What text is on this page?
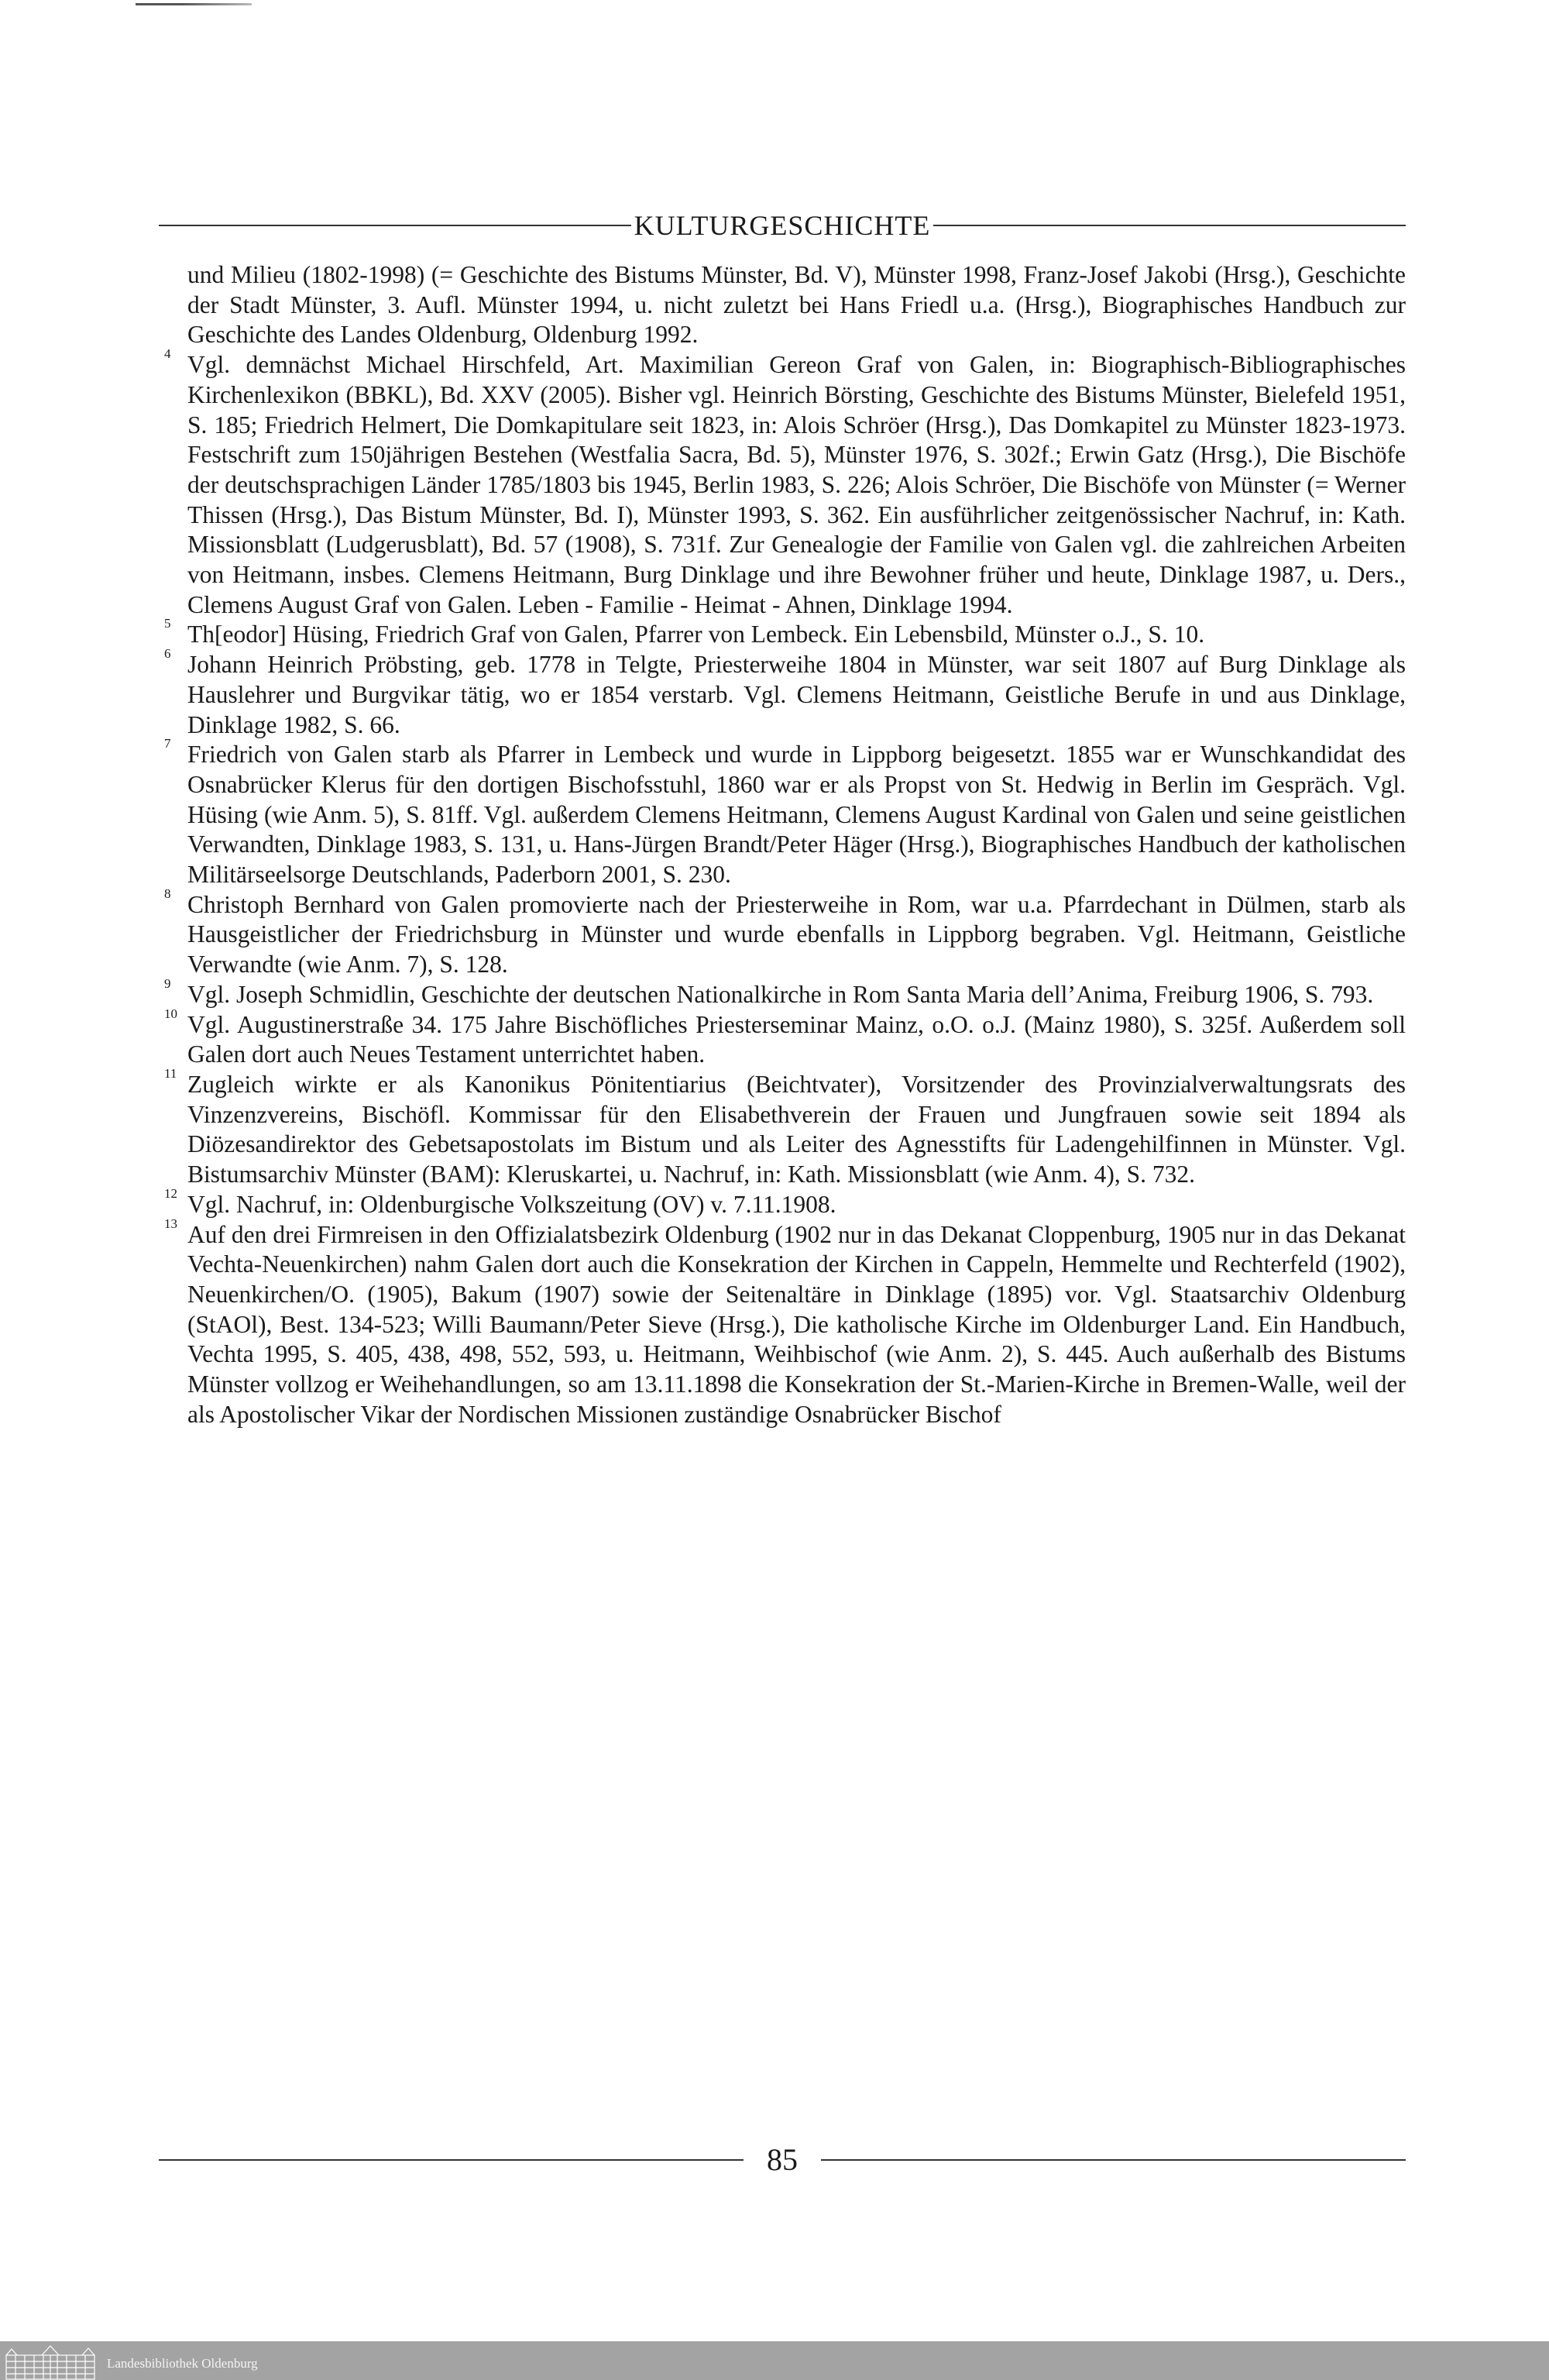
KULTURGESCHICHTE
und Milieu (1802-1998) (= Geschichte des Bistums Münster, Bd. V), Münster 1998, Franz-Josef Jakobi (Hrsg.), Geschichte der Stadt Münster, 3. Aufl. Münster 1994, u. nicht zuletzt bei Hans Friedl u.a. (Hrsg.), Biographisches Handbuch zur Geschichte des Landes Oldenburg, Oldenburg 1992.
4 Vgl. demnächst Michael Hirschfeld, Art. Maximilian Gereon Graf von Galen, in: Biographisch-Bibliographisches Kirchenlexikon (BBKL), Bd. XXV (2005). Bisher vgl. Heinrich Börsting, Geschichte des Bistums Münster, Bielefeld 1951, S. 185; Friedrich Helmert, Die Domkapitulare seit 1823, in: Alois Schröer (Hrsg.), Das Domkapitel zu Münster 1823-1973. Festschrift zum 150jährigen Bestehen (Westfalia Sacra, Bd. 5), Münster 1976, S. 302f.; Erwin Gatz (Hrsg.), Die Bischöfe der deutschsprachigen Länder 1785/1803 bis 1945, Berlin 1983, S. 226; Alois Schröer, Die Bischöfe von Münster (= Werner Thissen (Hrsg.), Das Bistum Münster, Bd. I), Münster 1993, S. 362. Ein ausführlicher zeitgenössischer Nachruf, in: Kath. Missionsblatt (Ludgerusblatt), Bd. 57 (1908), S. 731f. Zur Genealogie der Familie von Galen vgl. die zahlreichen Arbeiten von Heitmann, insbes. Clemens Heitmann, Burg Dinklage und ihre Bewohner früher und heute, Dinklage 1987, u. Ders., Clemens August Graf von Galen. Leben - Familie - Heimat - Ahnen, Dinklage 1994.
5 Th[eodor] Hüsing, Friedrich Graf von Galen, Pfarrer von Lembeck. Ein Lebensbild, Münster o.J., S. 10.
6 Johann Heinrich Pröbsting, geb. 1778 in Telgte, Priesterweihe 1804 in Münster, war seit 1807 auf Burg Dinklage als Hauslehrer und Burgvikar tätig, wo er 1854 verstarb. Vgl. Clemens Heitmann, Geistliche Berufe in und aus Dinklage, Dinklage 1982, S. 66.
7 Friedrich von Galen starb als Pfarrer in Lembeck und wurde in Lippborg beigesetzt. 1855 war er Wunschkandidat des Osnabrücker Klerus für den dortigen Bischofsstuhl, 1860 war er als Propst von St. Hedwig in Berlin im Gespräch. Vgl. Hüsing (wie Anm. 5), S. 81ff. Vgl. außerdem Clemens Heitmann, Clemens August Kardinal von Galen und seine geistlichen Verwandten, Dinklage 1983, S. 131, u. Hans-Jürgen Brandt/Peter Häger (Hrsg.), Biographisches Handbuch der katholischen Militärseelsorge Deutschlands, Paderborn 2001, S. 230.
8 Christoph Bernhard von Galen promovierte nach der Priesterweihe in Rom, war u.a. Pfarrdechant in Dülmen, starb als Hausgeistlicher der Friedrichsburg in Münster und wurde ebenfalls in Lippborg begraben. Vgl. Heitmann, Geistliche Verwandte (wie Anm. 7), S. 128.
9 Vgl. Joseph Schmidlin, Geschichte der deutschen Nationalkirche in Rom Santa Maria dell’Anima, Freiburg 1906, S. 793.
10 Vgl. Augustinerstraße 34. 175 Jahre Bischöfliches Priesterseminar Mainz, o.O. o.J. (Mainz 1980), S. 325f. Außerdem soll Galen dort auch Neues Testament unterrichtet haben.
11 Zugleich wirkte er als Kanonikus Pönitentiarius (Beichtvater), Vorsitzender des Provinzialverwaltungsrats des Vinzenzvereins, Bischöfl. Kommissar für den Elisabethverein der Frauen und Jungfrauen sowie seit 1894 als Diözesandirektor des Gebetsapostolats im Bistum und als Leiter des Agnesstifts für Ladengehilfinnen in Münster. Vgl. Bistumsarchiv Münster (BAM): Kleruskartei, u. Nachruf, in: Kath. Missionsblatt (wie Anm. 4), S. 732.
12 Vgl. Nachruf, in: Oldenburgische Volkszeitung (OV) v. 7.11.1908.
13 Auf den drei Firmreisen in den Offizialatsbezirk Oldenburg (1902 nur in das Dekanat Cloppenburg, 1905 nur in das Dekanat Vechta-Neuenkirchen) nahm Galen dort auch die Konsekration der Kirchen in Cappeln, Hemmelte und Rechterfeld (1902), Neuenkirchen/O. (1905), Bakum (1907) sowie der Seitenaltäre in Dinklage (1895) vor. Vgl. Staatsarchiv Oldenburg (StAOl), Best. 134-523; Willi Baumann/Peter Sieve (Hrsg.), Die katholische Kirche im Oldenburger Land. Ein Handbuch, Vechta 1995, S. 405, 438, 498, 552, 593, u. Heitmann, Weihbischof (wie Anm. 2), S. 445. Auch außerhalb des Bistums Münster vollzog er Weihehandlungen, so am 13.11.1898 die Konsekration der St.-Marien-Kirche in Bremen-Walle, weil der als Apostolischer Vikar der Nordischen Missionen zuständige Osnabrücker Bischof
85
Landesbibliothek Oldenburg
